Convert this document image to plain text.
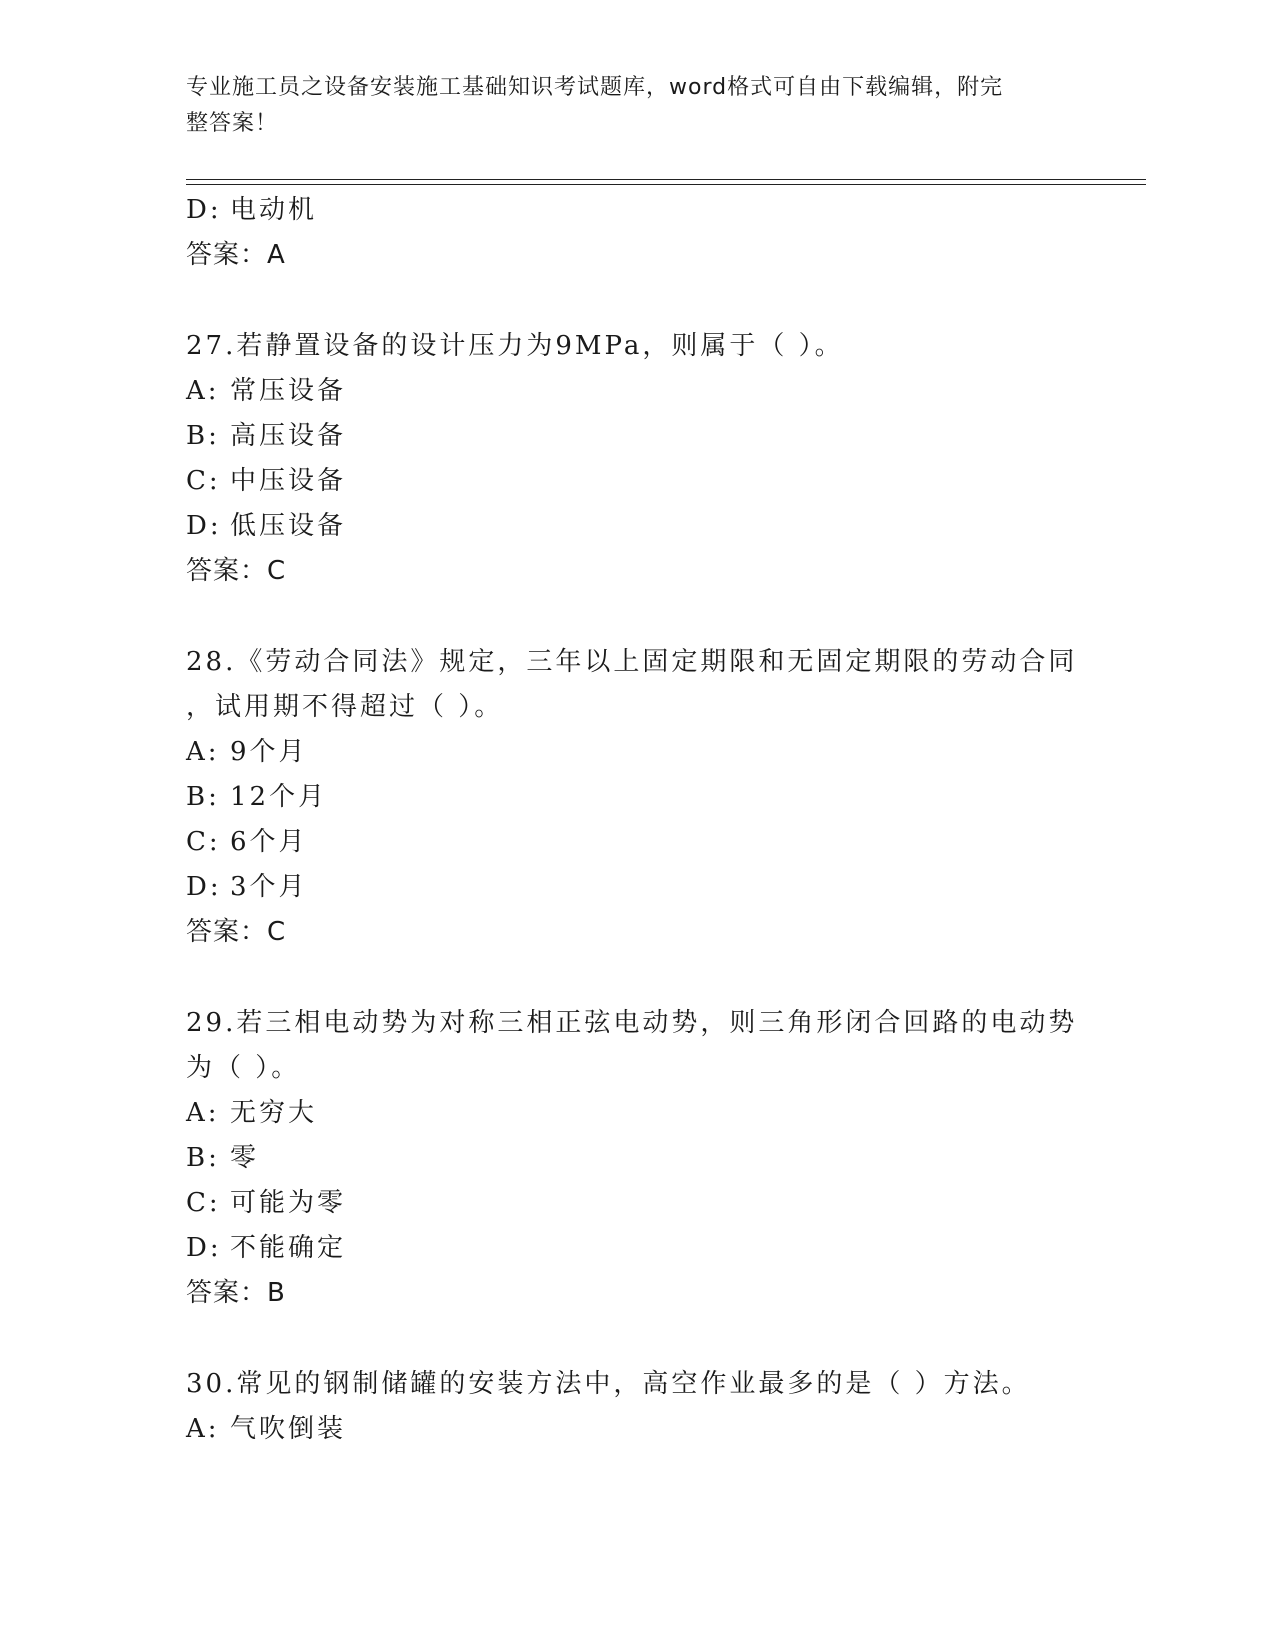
专业施工员之设备安装施工基础知识考试题库，word格式可自由下载编辑，附完
整答案！
D: 电动机
答案：A
27.若静置设备的设计压力为9MPa，则属于（ ）。
A: 常压设备
B: 高压设备
C: 中压设备
D: 低压设备
答案：C
28.《劳动合同法》规定，三年以上固定期限和无固定期限的劳动合同
，试用期不得超过（ ）。
A: 9个月
B: 12个月
C: 6个月
D: 3个月
答案：C
29.若三相电动势为对称三相正弦电动势，则三角形闭合回路的电动势
为（ ）。
A: 无穷大
B: 零
C: 可能为零
D: 不能确定
答案：B
30.常见的钢制储罐的安装方法中，高空作业最多的是（ ）方法。
A: 气吹倒装
